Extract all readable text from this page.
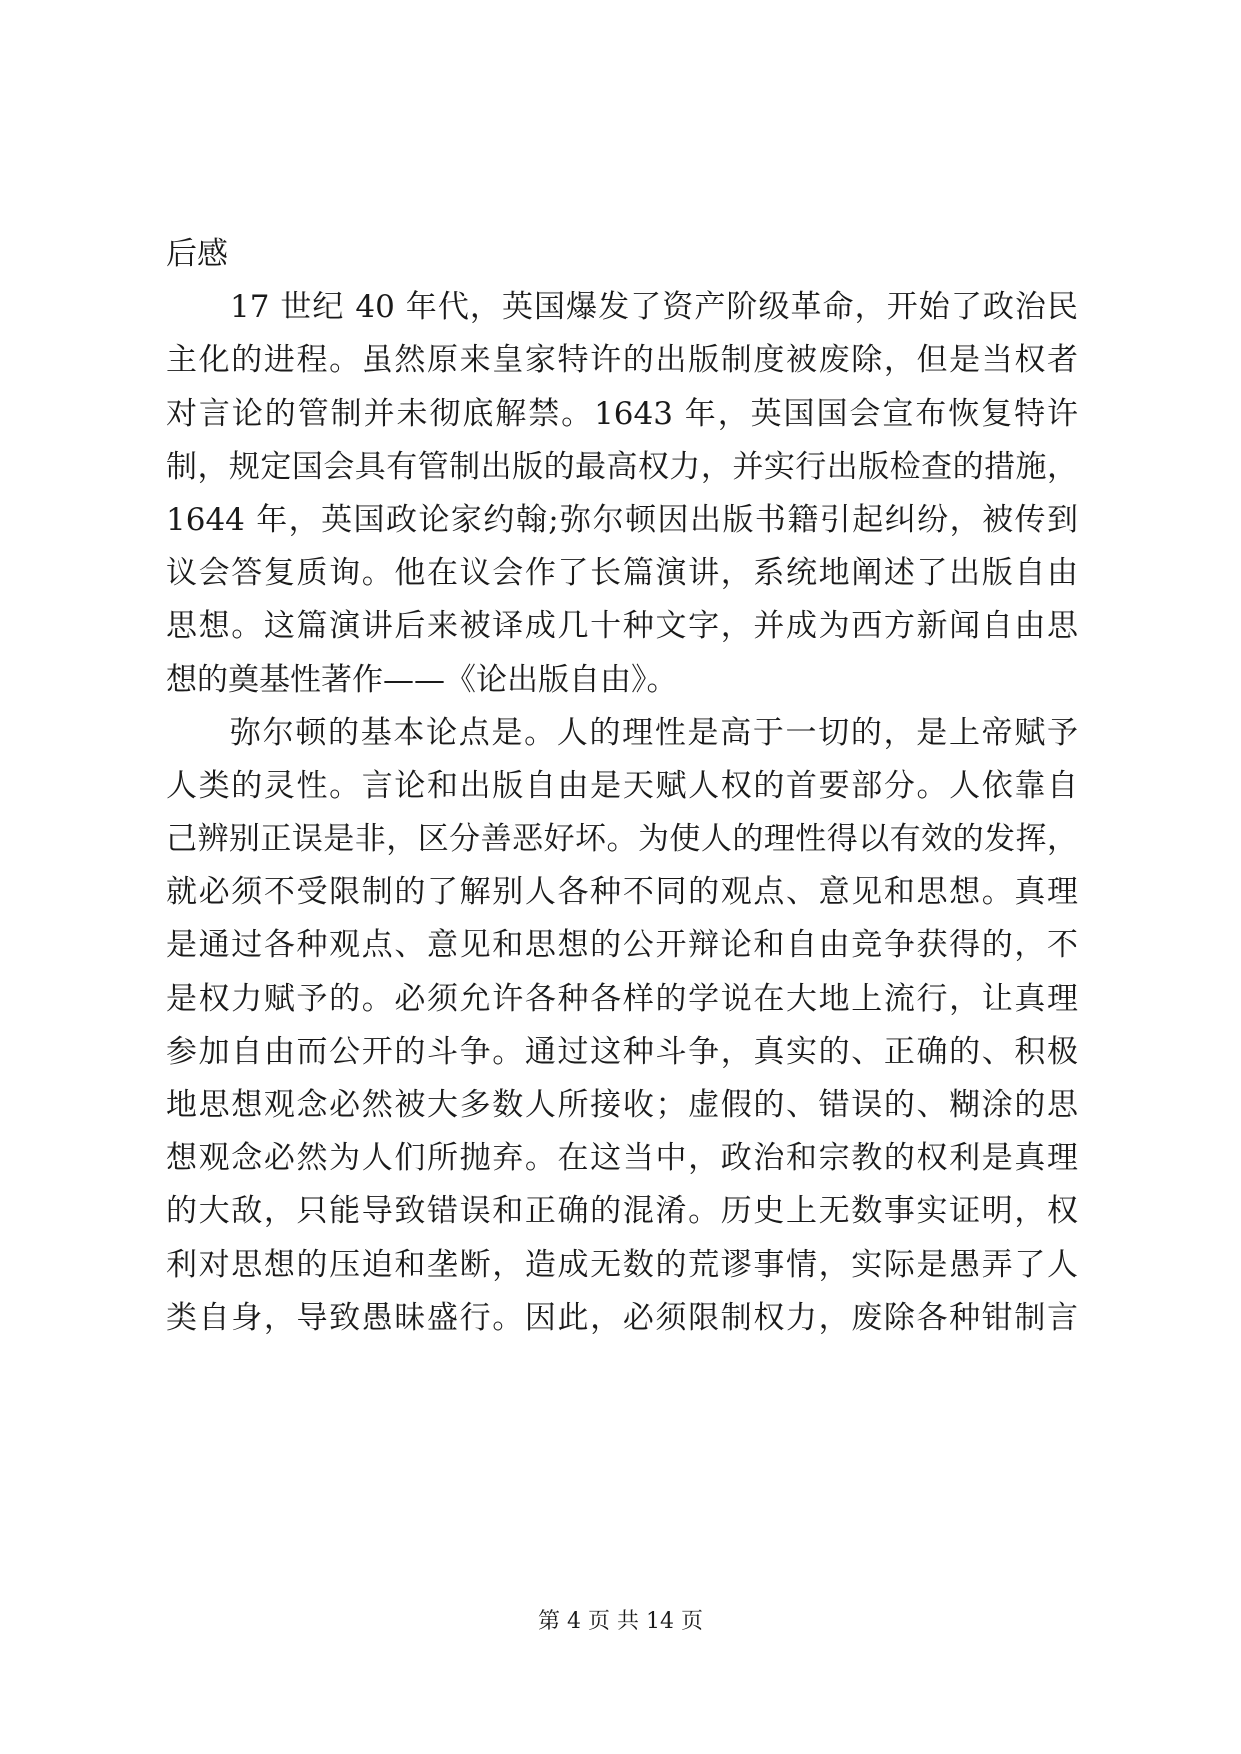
后感
17 世纪 40 年代，英国爆发了资产阶级革命，开始了政治民
主化的进程。虽然原来皇家特许的出版制度被废除，但是当权者
对言论的管制并未彻底解禁。1643 年，英国国会宣布恢复特许
制，规定国会具有管制出版的最高权力，并实行出版检查的措施，
1644 年，英国政论家约翰;弥尔顿因出版书籍引起纠纷，被传到
议会答复质询。他在议会作了长篇演讲，系统地阐述了出版自由
思想。这篇演讲后来被译成几十种文字，并成为西方新闻自由思
想的奠基性著作——《论出版自由》。
弥尔顿的基本论点是。人的理性是高于一切的，是上帝赋予
人类的灵性。言论和出版自由是天赋人权的首要部分。人依靠自
己辨别正误是非，区分善恶好坏。为使人的理性得以有效的发挥，
就必须不受限制的了解别人各种不同的观点、意见和思想。真理
是通过各种观点、意见和思想的公开辩论和自由竞争获得的，不
是权力赋予的。必须允许各种各样的学说在大地上流行，让真理
参加自由而公开的斗争。通过这种斗争，真实的、正确的、积极
地思想观念必然被大多数人所接收；虚假的、错误的、糊涂的思
想观念必然为人们所抛弃。在这当中，政治和宗教的权利是真理
的大敌，只能导致错误和正确的混淆。历史上无数事实证明，权
利对思想的压迫和垄断，造成无数的荒谬事情，实际是愚弄了人
类自身，导致愚昧盛行。因此，必须限制权力，废除各种钳制言
第 4 页 共 14 页
